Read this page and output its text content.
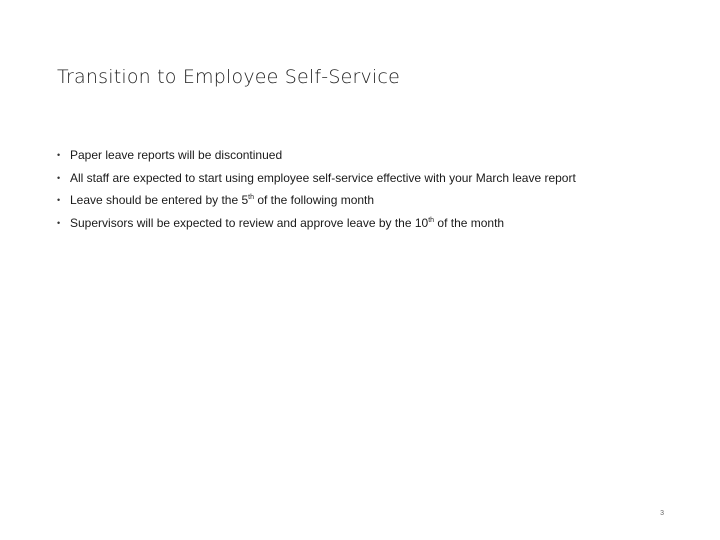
Transition to Employee Self-Service
• Paper leave reports will be discontinued
• All staff are expected to start using employee self-service effective with your March leave report
• Leave should be entered by the 5th of the following month
• Supervisors will be expected to review and approve leave by the 10th of the month
3
